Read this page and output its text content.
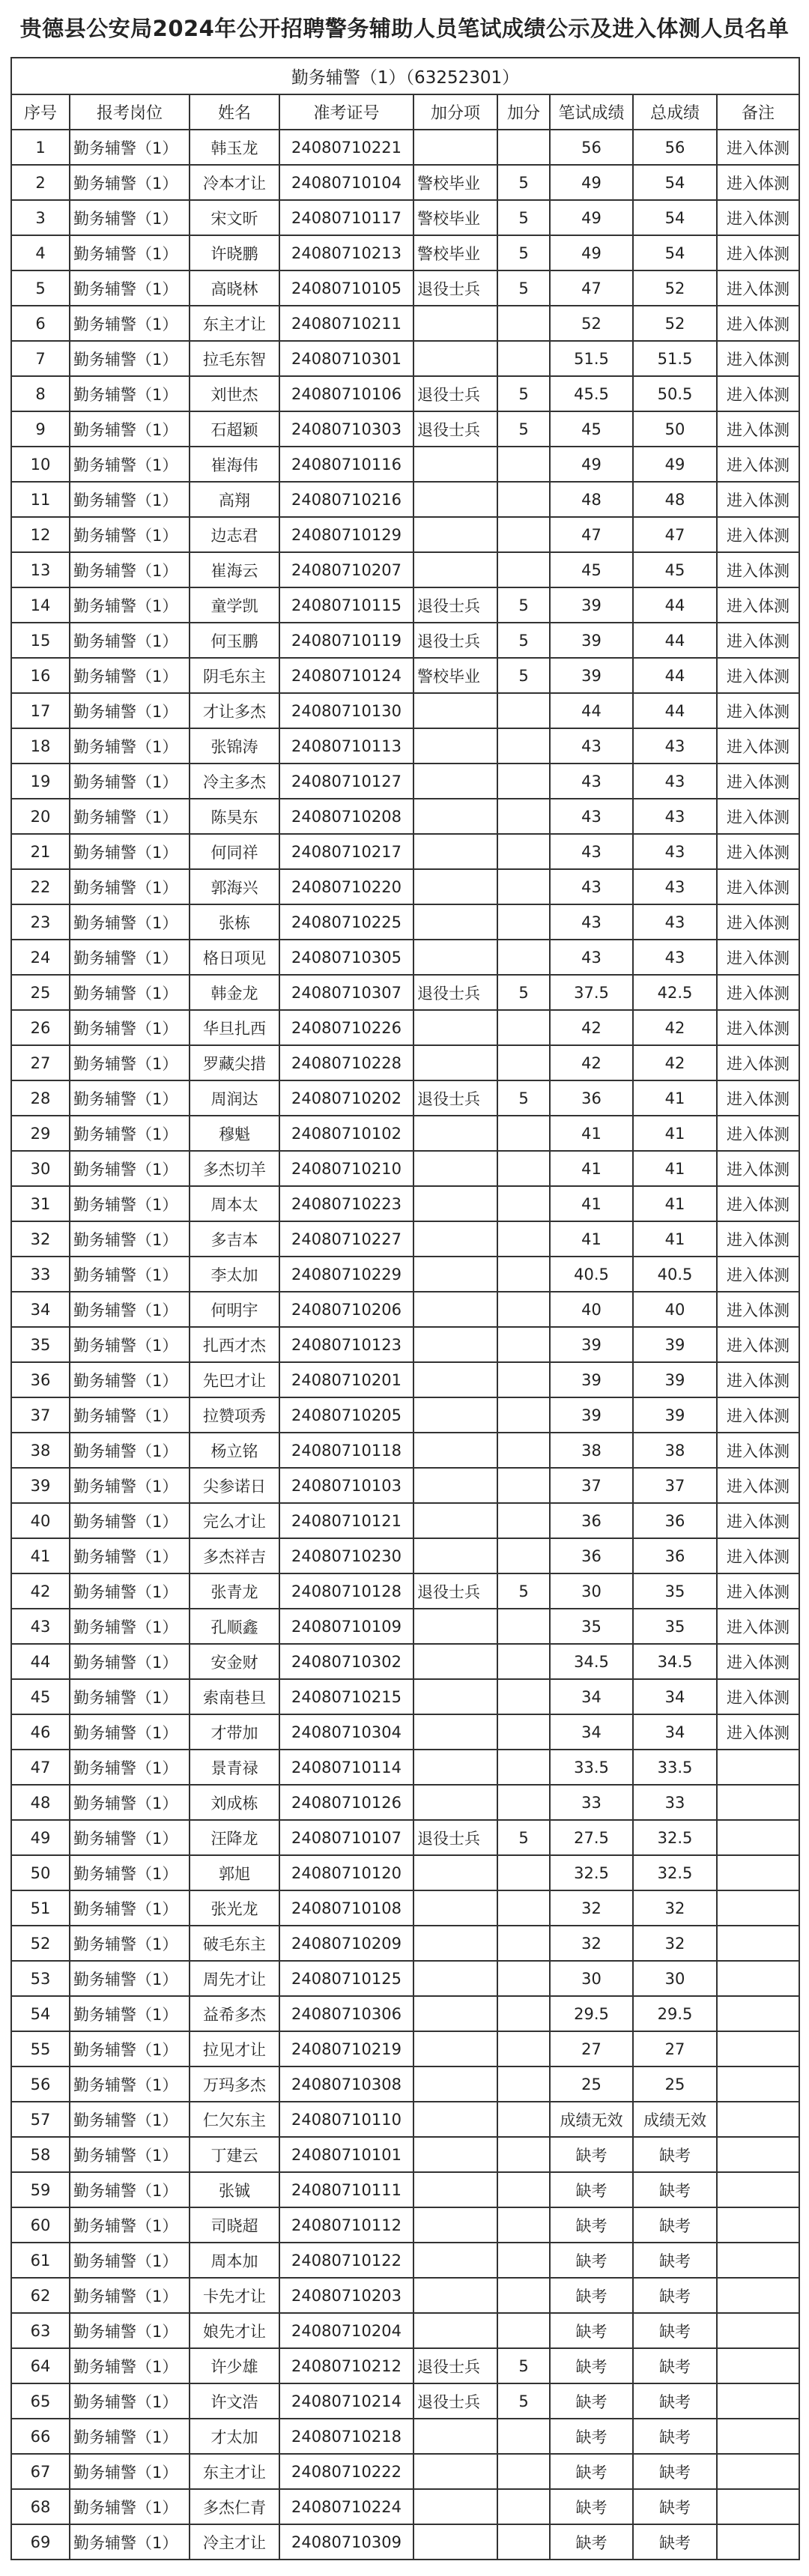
贵德县公安局2024年公开招聘警务辅助人员笔试成绩公示及进入体测人员名单
勤务辅警（1）（63252301）								
序号	报考岗位	姓名	准考证号	加分项	加分	笔试成绩	总成绩	备注
1	勤务辅警（1）	韩玉龙	24080710221			56	56	进入体测
2	勤务辅警（1）	冷本才让	24080710104	警校毕业	5	49	54	进入体测
3	勤务辅警（1）	宋文昕	24080710117	警校毕业	5	49	54	进入体测
4	勤务辅警（1）	许晓鹏	24080710213	警校毕业	5	49	54	进入体测
5	勤务辅警（1）	高晓林	24080710105	退役士兵	5	47	52	进入体测
6	勤务辅警（1）	东主才让	24080710211			52	52	进入体测
7	勤务辅警（1）	拉毛东智	24080710301			51.5	51.5	进入体测
8	勤务辅警（1）	刘世杰	24080710106	退役士兵	5	45.5	50.5	进入体测
9	勤务辅警（1）	石超颖	24080710303	退役士兵	5	45	50	进入体测
10	勤务辅警（1）	崔海伟	24080710116			49	49	进入体测
11	勤务辅警（1）	高翔	24080710216			48	48	进入体测
12	勤务辅警（1）	边志君	24080710129			47	47	进入体测
13	勤务辅警（1）	崔海云	24080710207			45	45	进入体测
14	勤务辅警（1）	童学凯	24080710115	退役士兵	5	39	44	进入体测
15	勤务辅警（1）	何玉鹏	24080710119	退役士兵	5	39	44	进入体测
16	勤务辅警（1）	阴毛东主	24080710124	警校毕业	5	39	44	进入体测
17	勤务辅警（1）	才让多杰	24080710130			44	44	进入体测
18	勤务辅警（1）	张锦涛	24080710113			43	43	进入体测
19	勤务辅警（1）	冷主多杰	24080710127			43	43	进入体测
20	勤务辅警（1）	陈昊东	24080710208			43	43	进入体测
21	勤务辅警（1）	何同祥	24080710217			43	43	进入体测
22	勤务辅警（1）	郭海兴	24080710220			43	43	进入体测
23	勤务辅警（1）	张栋	24080710225			43	43	进入体测
24	勤务辅警（1）	格日项见	24080710305			43	43	进入体测
25	勤务辅警（1）	韩金龙	24080710307	退役士兵	5	37.5	42.5	进入体测
26	勤务辅警（1）	华旦扎西	24080710226			42	42	进入体测
27	勤务辅警（1）	罗藏尖措	24080710228			42	42	进入体测
28	勤务辅警（1）	周润达	24080710202	退役士兵	5	36	41	进入体测
29	勤务辅警（1）	穆魁	24080710102			41	41	进入体测
30	勤务辅警（1）	多杰切羊	24080710210			41	41	进入体测
31	勤务辅警（1）	周本太	24080710223			41	41	进入体测
32	勤务辅警（1）	多吉本	24080710227			41	41	进入体测
33	勤务辅警（1）	李太加	24080710229			40.5	40.5	进入体测
34	勤务辅警（1）	何明宇	24080710206			40	40	进入体测
35	勤务辅警（1）	扎西才杰	24080710123			39	39	进入体测
36	勤务辅警（1）	先巴才让	24080710201			39	39	进入体测
37	勤务辅警（1）	拉赞项秀	24080710205			39	39	进入体测
38	勤务辅警（1）	杨立铭	24080710118			38	38	进入体测
39	勤务辅警（1）	尖参诺日	24080710103			37	37	进入体测
40	勤务辅警（1）	完么才让	24080710121			36	36	进入体测
41	勤务辅警（1）	多杰祥吉	24080710230			36	36	进入体测
42	勤务辅警（1）	张青龙	24080710128	退役士兵	5	30	35	进入体测
43	勤务辅警（1）	孔顺鑫	24080710109			35	35	进入体测
44	勤务辅警（1）	安金财	24080710302			34.5	34.5	进入体测
45	勤务辅警（1）	索南巷旦	24080710215			34	34	进入体测
46	勤务辅警（1）	才带加	24080710304			34	34	进入体测
47	勤务辅警（1）	景青禄	24080710114			33.5	33.5	
48	勤务辅警（1）	刘成栋	24080710126			33	33	
49	勤务辅警（1）	汪降龙	24080710107	退役士兵	5	27.5	32.5	
50	勤务辅警（1）	郭旭	24080710120			32.5	32.5	
51	勤务辅警（1）	张光龙	24080710108			32	32	
52	勤务辅警（1）	破毛东主	24080710209			32	32	
53	勤务辅警（1）	周先才让	24080710125			30	30	
54	勤务辅警（1）	益希多杰	24080710306			29.5	29.5	
55	勤务辅警（1）	拉见才让	24080710219			27	27	
56	勤务辅警（1）	万玛多杰	24080710308			25	25	
57	勤务辅警（1）	仁欠东主	24080710110			成绩无效	成绩无效	
58	勤务辅警（1）	丁建云	24080710101			缺考	缺考	
59	勤务辅警（1）	张铖	24080710111			缺考	缺考	
60	勤务辅警（1）	司晓超	24080710112			缺考	缺考	
61	勤务辅警（1）	周本加	24080710122			缺考	缺考	
62	勤务辅警（1）	卡先才让	24080710203			缺考	缺考	
63	勤务辅警（1）	娘先才让	24080710204			缺考	缺考	
64	勤务辅警（1）	许少雄	24080710212	退役士兵	5	缺考	缺考	
65	勤务辅警（1）	许文浩	24080710214	退役士兵	5	缺考	缺考	
66	勤务辅警（1）	才太加	24080710218			缺考	缺考	
67	勤务辅警（1）	东主才让	24080710222			缺考	缺考	
68	勤务辅警（1）	多杰仁青	24080710224			缺考	缺考	
69	勤务辅警（1）	冷主才让	24080710309			缺考	缺考	
